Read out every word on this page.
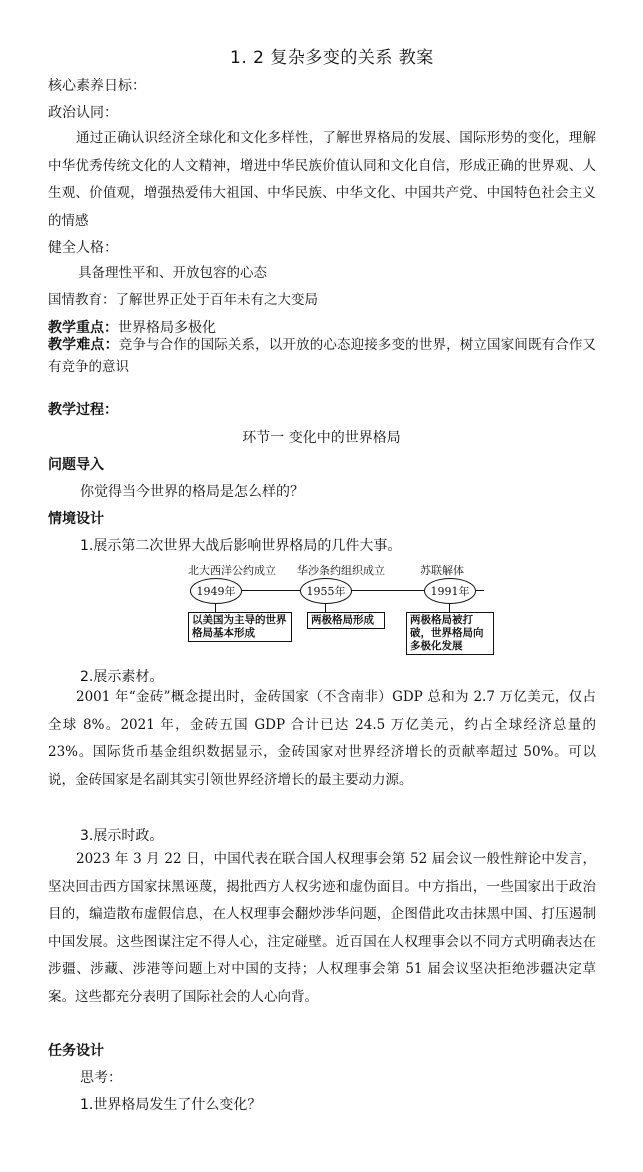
1. 2 复杂多变的关系 教案
核心素养日标：
政治认同：
通过正确认识经济全球化和文化多样性，了解世界格局的发展、国际形势的变化，理解中华优秀传统文化的人文精神，增进中华民族价值认同和文化自信，形成正确的世界观、人生观、价值观，增强热爱伟大祖国、中华民族、中华文化、中国共产党、中国特色社会主义的情感
健全人格：
具备理性平和、开放包容的心态
国情教育：了解世界正处于百年未有之大变局
教学重点：世界格局多极化
教学难点：竞争与合作的国际关系，以开放的心态迎接多变的世界，树立国家间既有合作又有竞争的意识
教学过程：
环节一 变化中的世界格局
问题导入
你觉得当今世界的格局是怎么样的？
情境设计
1.展示第二次世界大战后影响世界格局的几件大事。
北大西洋公约成立 华沙条约组织成立	苏联解体
1949年	1955年	1991年
以美国为主导的世界格局基本形成
两极格局形成	两极格局被打破，世界格局向多极化发展
2.展示素材。
2001 年“金砖”概念提出时，金砖国家（不含南非）GDP 总和为 2.7 万亿美元，仅占全球 8%。2021 年，金砖五国 GDP 合计已达 24.5 万亿美元，约占全球经济总量的 23%。国际货币基金组织数据显示，金砖国家对世界经济增长的贡献率超过 50%。可以说，金砖国家是名副其实引领世界经济增长的最主要动力源。
3.展示时政。
2023 年 3 月 22 日，中国代表在联合国人权理事会第 52 届会议一般性辩论中发言，坚决回击西方国家抹黑诬蔑，揭批西方人权劣迹和虚伪面目。中方指出，一些国家出于政治目的，编造散布虚假信息，在人权理事会翻炒涉华问题，企图借此攻击抹黑中国、打压遏制中国发展。这些图谋注定不得人心，注定碰壁。近百国在人权理事会以不同方式明确表达在涉疆、涉藏、涉港等问题上对中国的支持；人权理事会第 51 届会议坚决拒绝涉疆决定草案。这些都充分表明了国际社会的人心向背。
任务设计
思考：
1.世界格局发生了什么变化？
